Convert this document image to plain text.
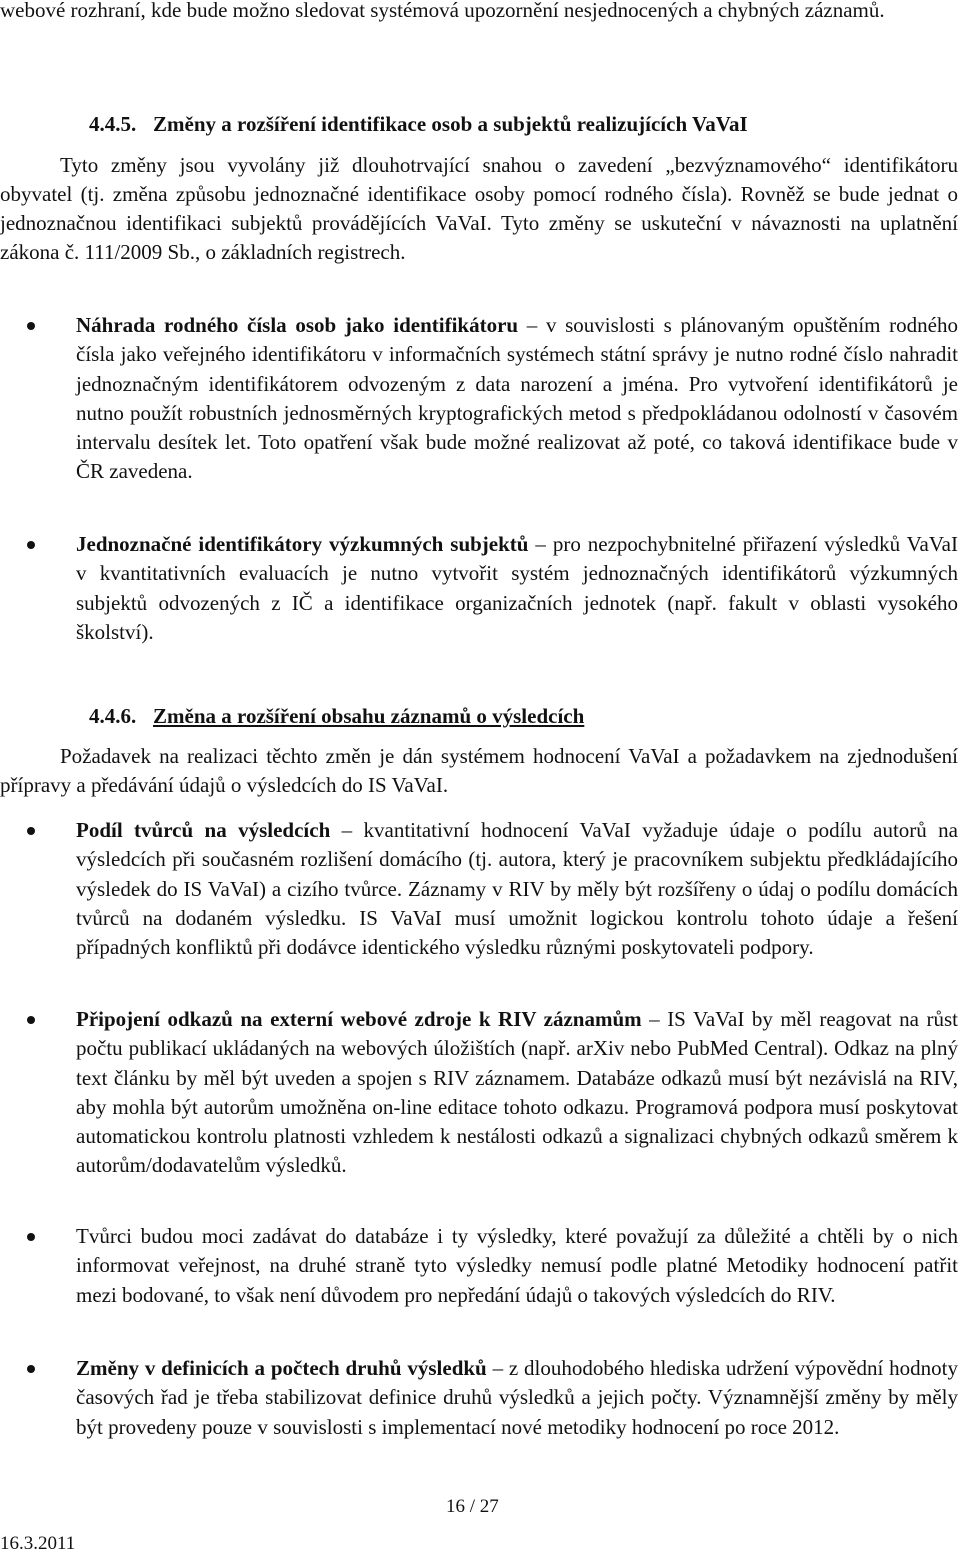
webové rozhraní, kde bude možno sledovat systémová upozornění nesjednocených a chybných záznamů.

4.4.5. Změny a rozšíření identifikace osob a subjektů realizujících VaVaI

Tyto změny jsou vyvolány již dlouhotrvající snahou o zavedení „bezvýznamového“ identifikátoru obyvatel (tj. změna způsobu jednoznačné identifikace osoby pomocí rodného čísla). Rovněž se bude jednat o jednoznačnou identifikaci subjektů provádějících VaVaI. Tyto změny se uskuteční v návaznosti na uplatnění zákona č. 111/2009 Sb., o základních registrech.

Náhrada rodného čísla osob jako identifikátoru – v souvislosti s plánovaným opuštěním rodného čísla jako veřejného identifikátoru v informačních systémech státní správy je nutno rodné číslo nahradit jednoznačným identifikátorem odvozeným z data narození a jména. Pro vytvoření identifikátorů je nutno použít robustních jednosměrných kryptografických metod s předpokládanou odolností v časovém intervalu desítek let. Toto opatření však bude možné realizovat až poté, co taková identifikace bude v ČR zavedena.

Jednoznačné identifikátory výzkumných subjektů – pro nezpochybnitelné přiřazení výsledků VaVaI v kvantitativních evaluacích je nutno vytvořit systém jednoznačných identifikátorů výzkumných subjektů odvozených z IČ a identifikace organizačních jednotek (např. fakult v oblasti vysokého školství).

4.4.6. Změna a rozšíření obsahu záznamů o výsledcích

Požadavek na realizaci těchto změn je dán systémem hodnocení VaVaI a požadavkem na zjednodušení přípravy a předávání údajů o výsledcích do IS VaVaI.

Podíl tvůrců na výsledcích – kvantitativní hodnocení VaVaI vyžaduje údaje o podílu autorů na výsledcích při současném rozlišení domácího (tj. autora, který je pracovníkem subjektu předkládajícího výsledek do IS VaVaI) a cizího tvůrce. Záznamy v RIV by měly být rozšířeny o údaj o podílu domácích tvůrců na dodaném výsledku. IS VaVaI musí umožnit logickou kontrolu tohoto údaje a řešení případných konfliktů při dodávce identického výsledku různými poskytovateli podpory.

Připojení odkazů na externí webové zdroje k RIV záznamům – IS VaVaI by měl reagovat na růst počtu publikací ukládaných na webových úložištích (např. arXiv nebo PubMed Central). Odkaz na plný text článku by měl být uveden a spojen s RIV záznamem. Databáze odkazů musí být nezávislá na RIV, aby mohla být autorům umožněna on-line editace tohoto odkazu. Programová podpora musí poskytovat automatickou kontrolu platnosti vzhledem k nestálosti odkazů a signalizaci chybných odkazů směrem k autorům/dodavatelům výsledků.

Tvůrci budou moci zadávat do databáze i ty výsledky, které považují za důležité a chtěli by o nich informovat veřejnost, na druhé straně tyto výsledky nemusí podle platné Metodiky hodnocení patřit mezi bodované, to však není důvodem pro nepředání údajů o takových výsledcích do RIV.

Změny v definicích a počtech druhů výsledků – z dlouhodobého hlediska udržení výpovědní hodnoty časových řad je třeba stabilizovat definice druhů výsledků a jejich počty. Významnější změny by měly být provedeny pouze v souvislosti s implementací nové metodiky hodnocení po roce 2012.

16 / 27
16.3.2011
